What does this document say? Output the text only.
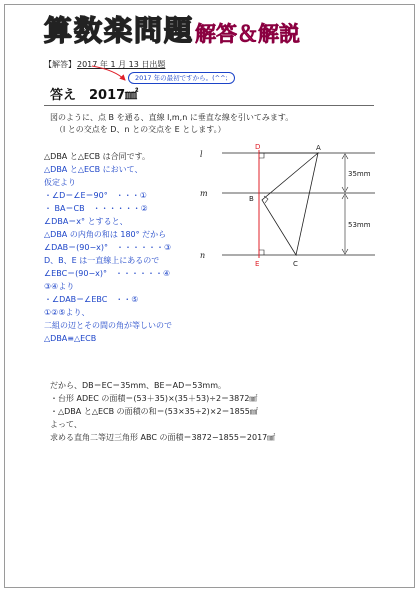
算 数 楽 問 題 解答＆解説
【解答】 2017 年 1 月 13 日出題
2017 年の最初ですから。(^^;
答え　2017㎟
図のように、点 B を通る、直線 l,m,n に垂直な線を引いてみます。
（l との交点を D、n との交点を E とします。）
△DBA と△ECB は合同です。
△DBA と△ECB において、
仮定より
・∠D＝∠E＝90°　・・・①
・ BA＝CB　・・・・・・②
∠DBA＝x° とすると、
△DBA の内角の和は 180° だから
∠DAB＝(90−x)°　・・・・・・③
D、B、E は一直線上にあるので
∠EBC＝(90−x)°　・・・・・・④
③④より
・∠DAB＝∠EBC　・・⑤
①②⑤より、
二組の辺とその間の角が等しいので
△DBA≡△ECB
だから、DB＝EC＝35mm、BE＝AD＝53mm。
・台形 ADEC の面積＝(53＋35)×(35＋53)÷2＝3872㎟
・△DBA と△ECB の面積の和＝(53×35÷2)×2＝1855㎟
よって、
求める直角二等辺三角形 ABC の面積＝3872−1855＝2017㎟
l
m
n
D	A
B
E	C
35mm
53mm
